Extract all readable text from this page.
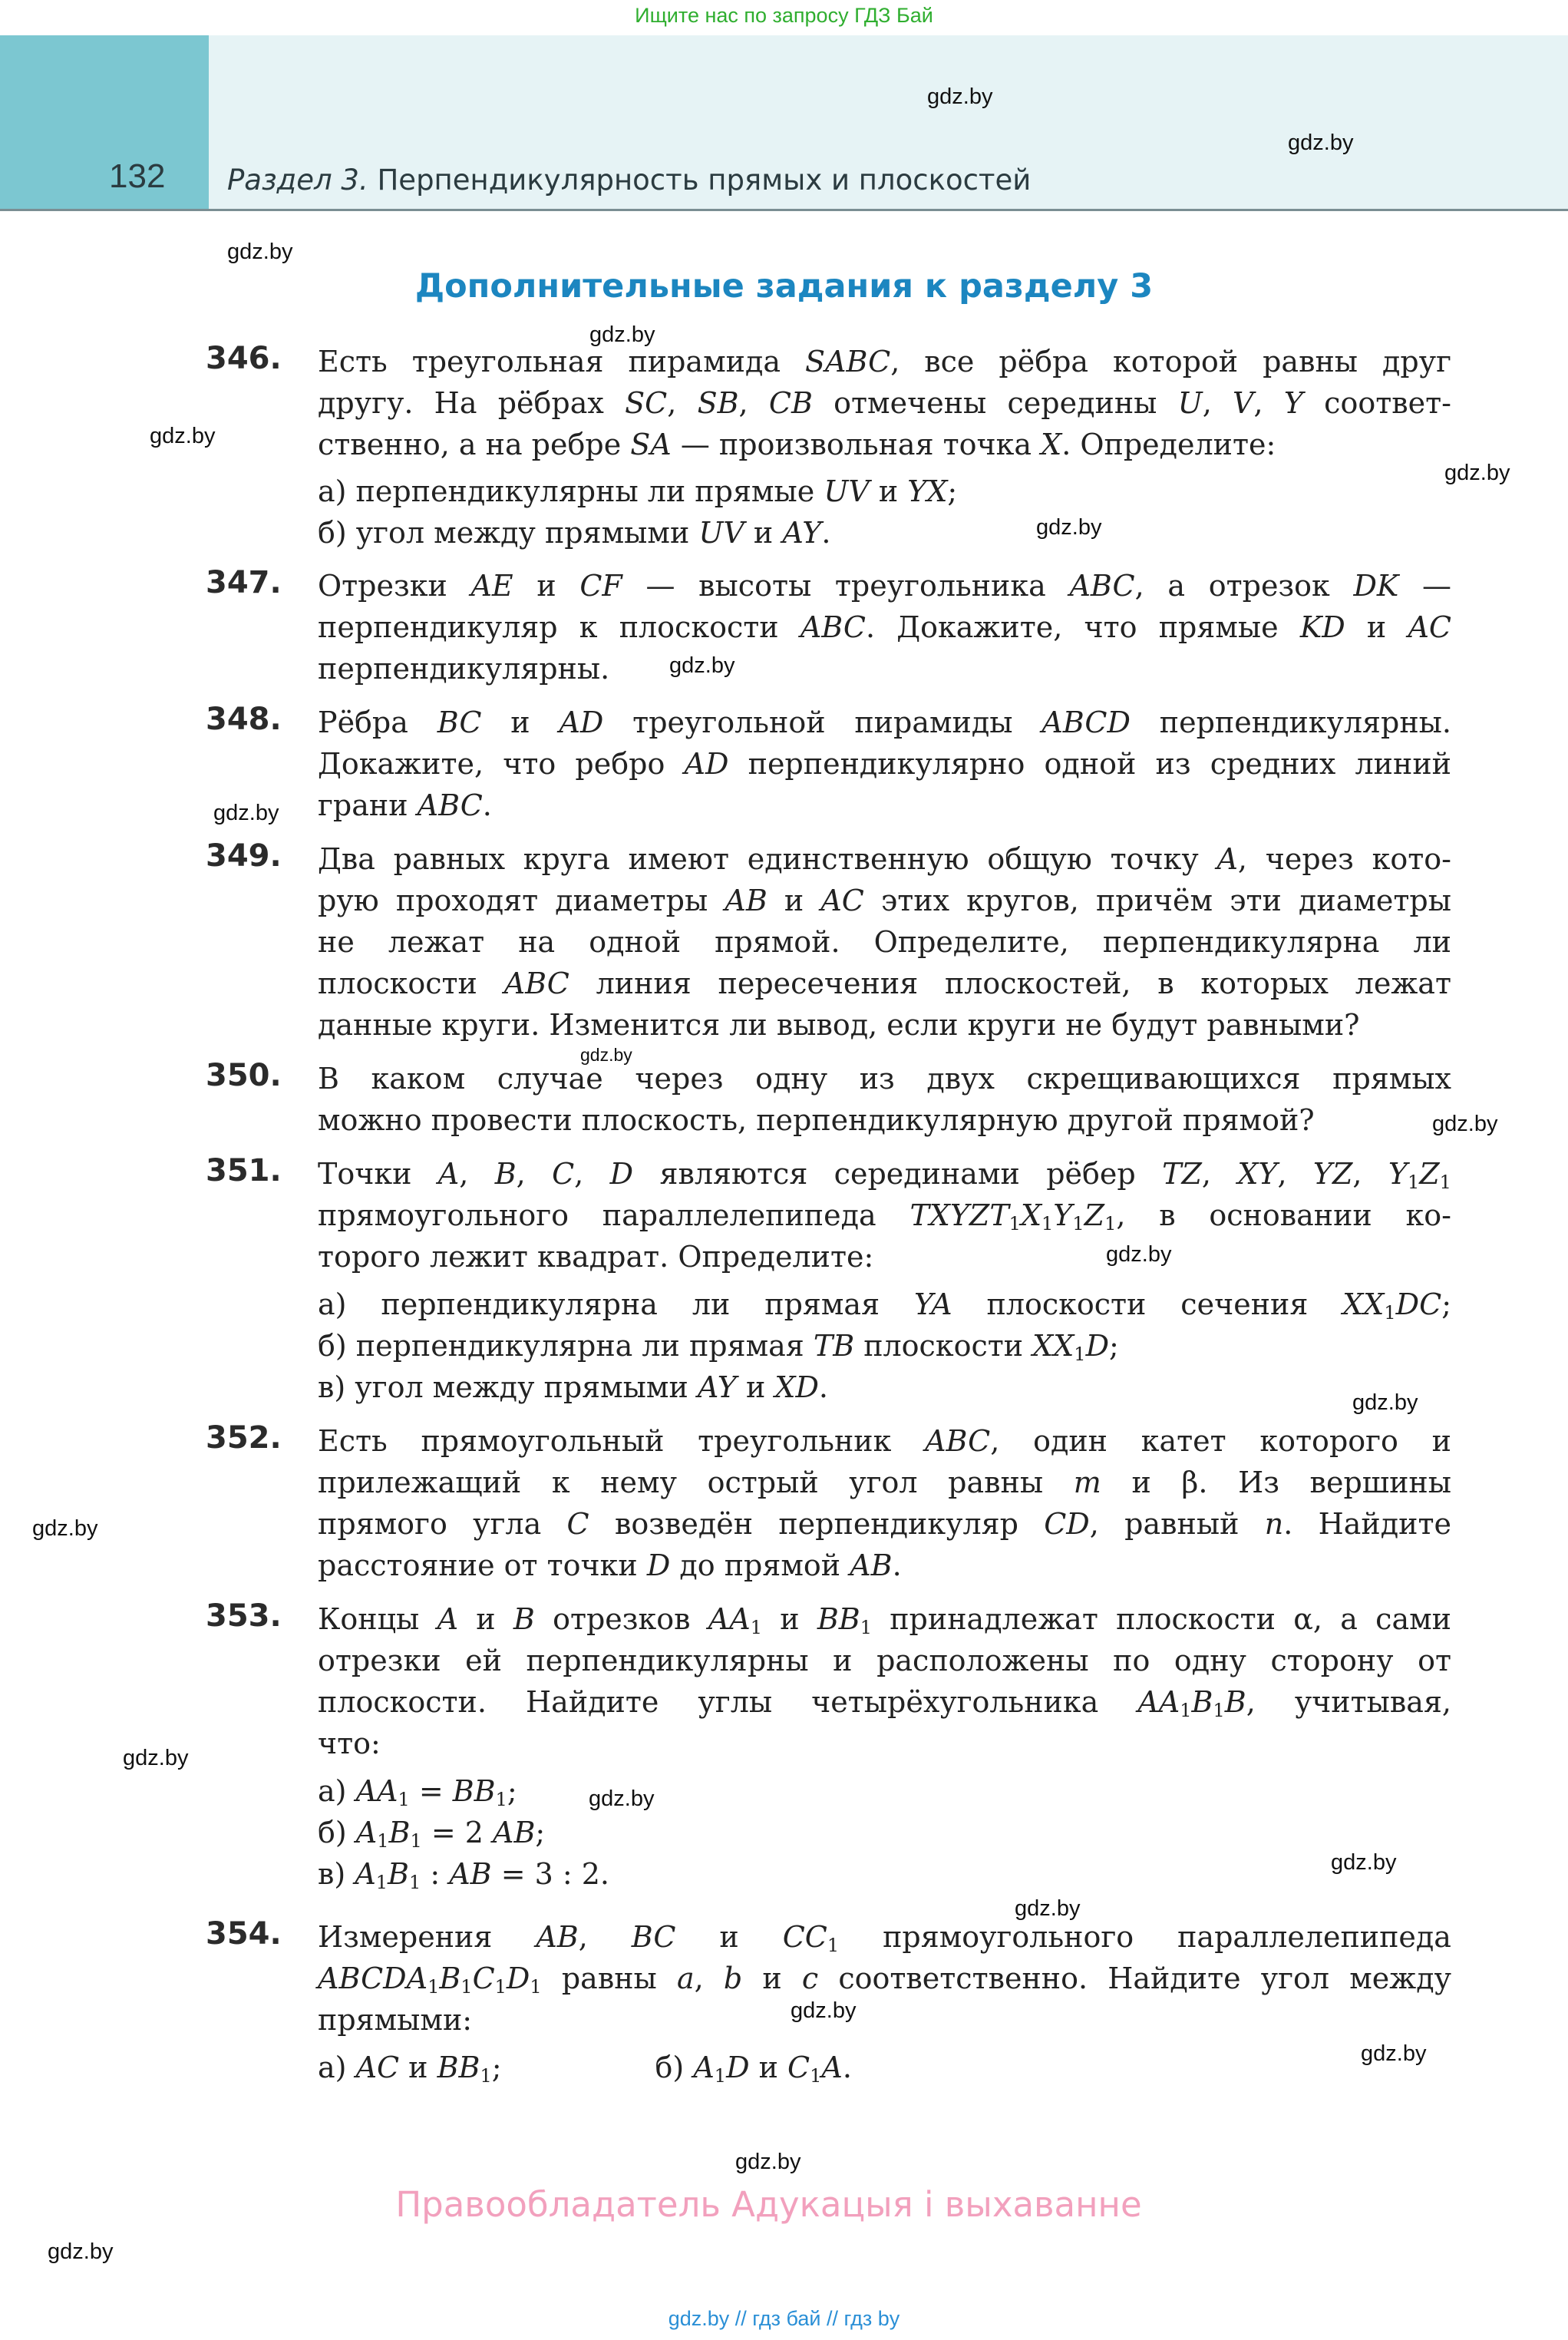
Ищите нас по запросу ГДЗ Бай
132 Раздел 3. Перпендикулярность прямых и плоскостей
gdz.by
gdz.by
gdz.by
gdz.by
gdz.by
gdz.by
gdz.by
gdz.by
gdz.by
gdz.by
gdz.by
gdz.by
gdz.by
gdz.by
gdz.by
gdz.by
gdz.by
gdz.by
gdz.by
gdz.by
gdz.by
gdz.by
Дополнительные задания к разделу 3
346. Есть треугольная пирамида SABC, все рёбра которой равны друг
другу. На рёбрах SC, SB, CB отмечены середины U, V, Y соответ-
ственно, а на ребре SA — произвольная точка X. Определите:
а) перпендикулярны ли прямые UV и YX;
б) угол между прямыми UV и AY.
347. Отрезки AE и CF — высоты треугольника ABC, а отрезок DK —
перпендикуляр к плоскости ABC. Докажите, что прямые KD и AC
перпендикулярны.
348. Рёбра BC и AD треугольной пирамиды ABCD перпендикулярны.
Докажите, что ребро AD перпендикулярно одной из средних линий
грани ABC.
349. Два равных круга имеют единственную общую точку A, через кото-
рую проходят диаметры AB и AC этих кругов, причём эти диаметры
не лежат на одной прямой. Определите, перпендикулярна ли
плоскости ABC линия пересечения плоскостей, в которых лежат
данные круги. Изменится ли вывод, если круги не будут равными?
350. В каком случае через одну из двух скрещивающихся прямых
можно провести плоскость, перпендикулярную другой прямой?
351. Точки A, B, C, D являются серединами рёбер TZ, XY, YZ, $Y_1Z_1$
прямоугольного параллелепипеда $TXYZT_1X_1Y_1Z_1$, в основании ко-
торого лежит квадрат. Определите:
а) перпендикулярна ли прямая YA плоскости сечения $XX_1DC$;
б) перпендикулярна ли прямая TB плоскости $XX_1D$;
в) угол между прямыми AY и XD.
352. Есть прямоугольный треугольник ABC, один катет которого и
прилежащий к нему острый угол равны m и β. Из вершины
прямого угла C возведён перпендикуляр CD, равный n. Найдите
расстояние от точки D до прямой AB.
353. Концы A и B отрезков $AA_1$ и $BB_1$ принадлежат плоскости α, а сами
отрезки ей перпендикулярны и расположены по одну сторону от
плоскости. Найдите углы четырёхугольника $AA_1B_1B$, учитывая,
что:
а) $AA_1 = BB_1$;
б) $A_1B_1 = 2$ AB;
в) $A_1B_1$ : AB = 3 : 2.
354. Измерения AB, BC и $CC_1$ прямоугольного параллелепипеда
$ABCDA_1B_1C_1D_1$ равны a, b и c соответственно. Найдите угол между
прямыми:
а) AC и $BB_1$;	б) $A_1D$ и $C_1A$.
Правообладатель Адукацыя і выхаванне
gdz.by // гдз бай // гдз by
